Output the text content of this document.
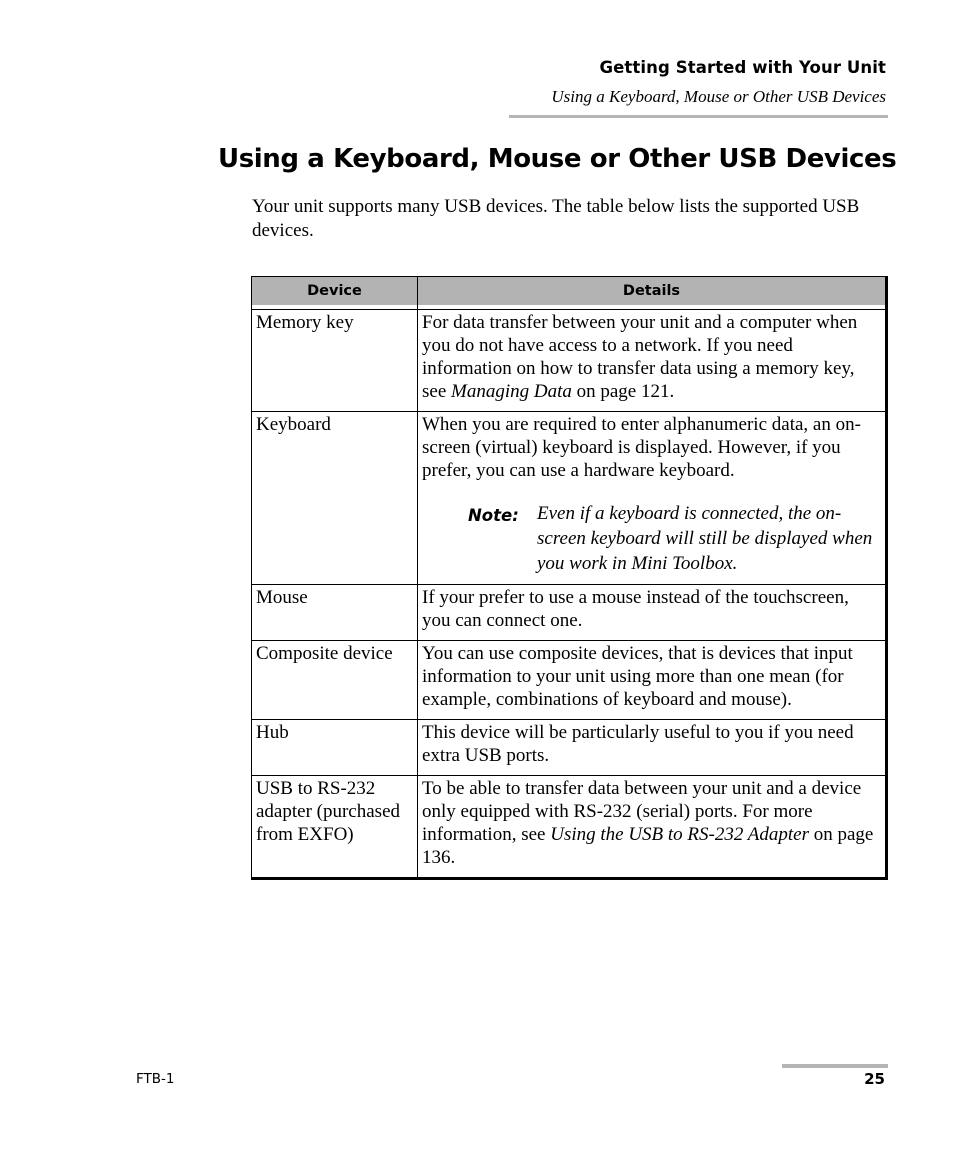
Getting Started with Your Unit
Using a Keyboard, Mouse or Other USB Devices
Using a Keyboard, Mouse or Other USB Devices
Your unit supports many USB devices. The table below lists the supported USB devices.
Device	Details

Memory key	For data transfer between your unit and a computer when you do not have access to a network. If you need information on how to transfer data using a memory key, see Managing Data on page 121.
Keyboard	When you are required to enter alphanumeric data, an on-screen (virtual) keyboard is displayed. However, if you prefer, you can use a hardware keyboard.
Note: Even if a keyboard is connected, the on-screen keyboard will still be displayed when you work in Mini Toolbox.

Mouse	If your prefer to use a mouse instead of the touchscreen, you can connect one.
Composite device	You can use composite devices, that is devices that input information to your unit using more than one mean (for example, combinations of keyboard and mouse).
Hub	This device will be particularly useful to you if you need extra USB ports.
USB to RS-232 adapter (purchased from EXFO)	To be able to transfer data between your unit and a device only equipped with RS-232 (serial) ports. For more information, see Using the USB to RS-232 Adapter on page 136.
FTB-1	25
